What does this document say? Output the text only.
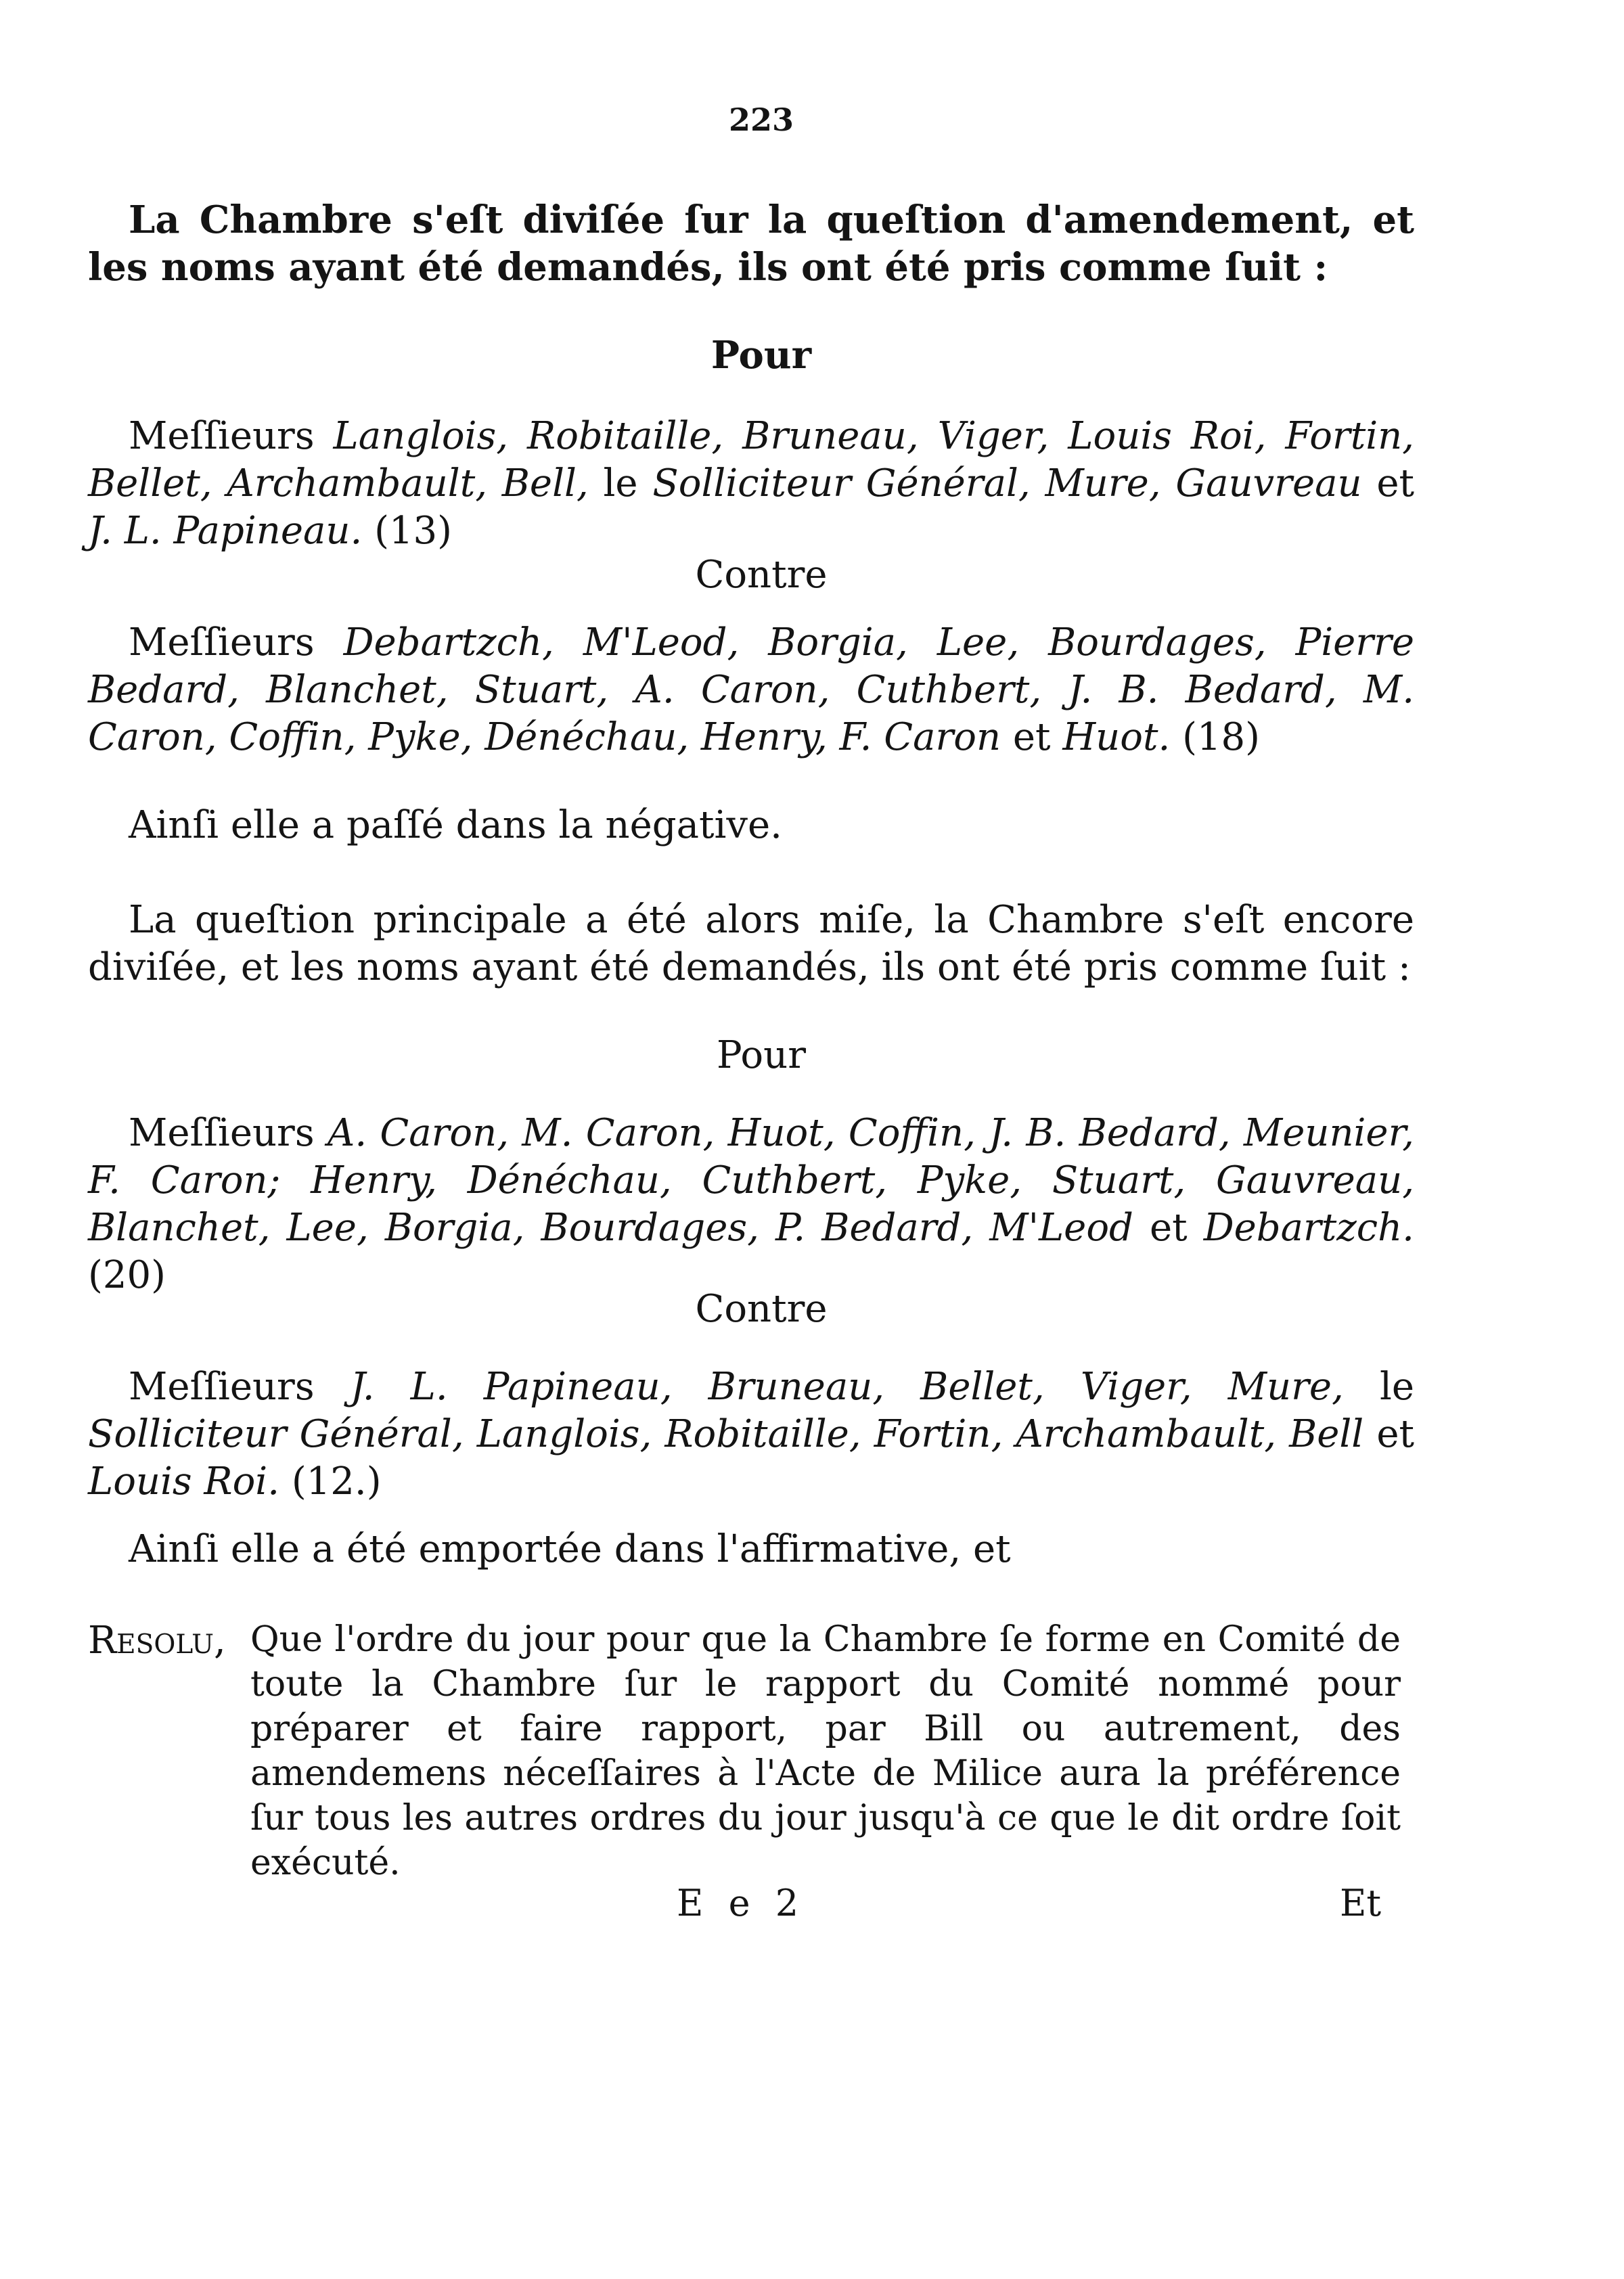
223
La Chambre s'eſt diviſée ſur la queſtion d'amendement, et les noms ayant été demandés, ils ont été pris comme ſuit :
Pour
Meſſieurs Langlois, Robitaille, Bruneau, Viger, Louis Roi, Fortin, Bellet, Archambault, Bell, le Solliciteur Général, Mure, Gauvreau et J. L. Papineau. (13)
Contre
Meſſieurs Debartzch, M'Leod, Borgia, Lee, Bourdages, Pierre Bedard, Blanchet, Stuart, A. Caron, Cuthbert, J. B. Bedard, M. Caron, Coffin, Pyke, Dénéchau, Henry, F. Caron et Huot. (18)
Ainſi elle a paſſé dans la négative.
La queſtion principale a été alors miſe, la Chambre s'eſt encore diviſée, et les noms ayant été demandés, ils ont été pris comme ſuit :
Pour
Meſſieurs A. Caron, M. Caron, Huot, Coffin, J. B. Bedard, Meunier, F. Caron; Henry, Dénéchau, Cuthbert, Pyke, Stuart, Gauvreau, Blanchet, Lee, Borgia, Bourdages, P. Bedard, M'Leod et Debartzch. (20)
Contre
Meſſieurs J. L. Papineau, Bruneau, Bellet, Viger, Mure, le Solliciteur Général, Langlois, Robitaille, Fortin, Archambault, Bell et Louis Roi. (12.)
Ainſi elle a été emportée dans l'affirmative, et
Resolu, Que l'ordre du jour pour que la Chambre ſe forme en Comité de toute la Chambre ſur le rapport du Comité nommé pour préparer et faire rapport, par Bill ou autrement, des amendemens néceſſaires à l'Acte de Milice aura la préférence ſur tous les autres ordres du jour jusqu'à ce que le dit ordre ſoit exécuté.
E e 2	Et
